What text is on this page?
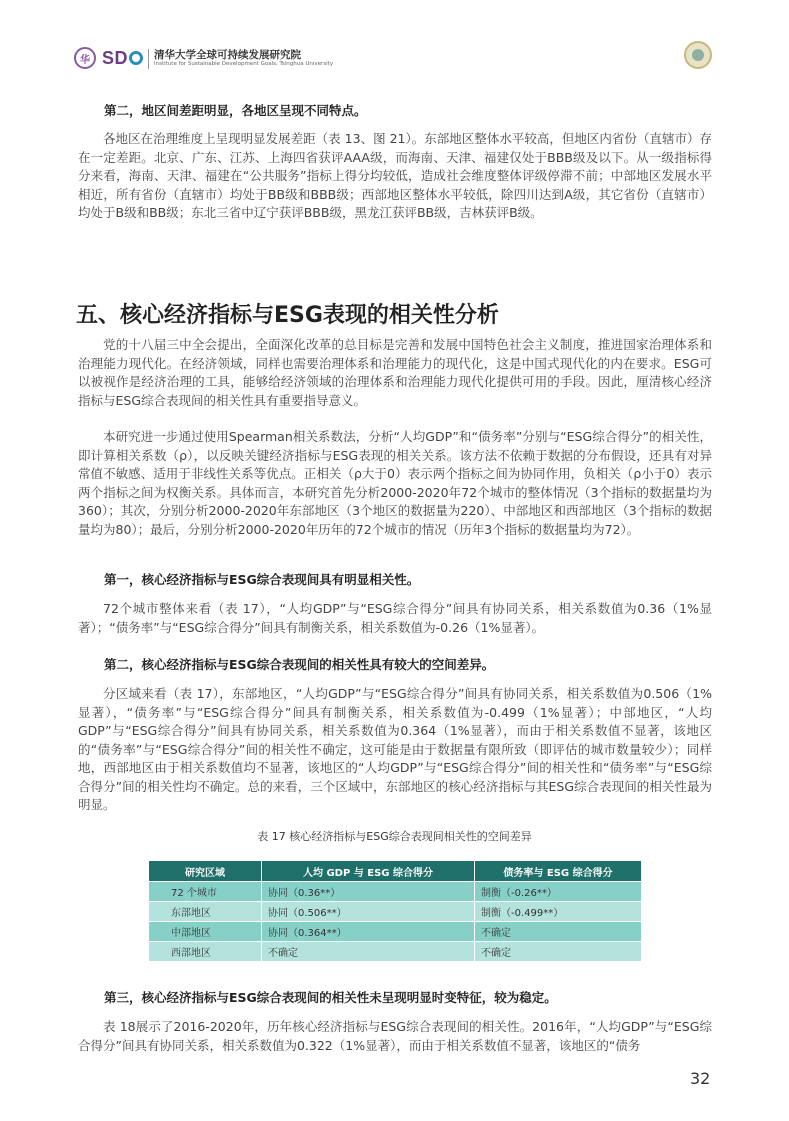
华 SD	清华大学全球可持续发展研究院
Institute for Sustainable Development Goals, Tsinghua University
第二，地区间差距明显，各地区呈现不同特点。
各地区在治理维度上呈现明显发展差距（表 13、图 21）。东部地区整体水平较高，但地区内省份（直辖市）存在一定差距。北京、广东、江苏、上海四省获评AAA级，而海南、天津、福建仅处于BBB级及以下。从一级指标得分来看，海南、天津、福建在“公共服务”指标上得分均较低，造成社会维度整体评级停滞不前；中部地区发展水平相近，所有省份（直辖市）均处于BB级和BBB级；西部地区整体水平较低，除四川达到A级，其它省份（直辖市）均处于B级和BB级；东北三省中辽宁获评BBB级，黑龙江获评BB级，吉林获评B级。
五、核心经济指标与ESG表现的相关性分析
党的十八届三中全会提出，全面深化改革的总目标是完善和发展中国特色社会主义制度，推进国家治理体系和治理能力现代化。在经济领域，同样也需要治理体系和治理能力的现代化，这是中国式现代化的内在要求。ESG可以被视作是经济治理的工具，能够给经济领域的治理体系和治理能力现代化提供可用的手段。因此，厘清核心经济指标与ESG综合表现间的相关性具有重要指导意义。
本研究进一步通过使用Spearman相关系数法，分析“人均GDP”和“债务率”分别与“ESG综合得分”的相关性，即计算相关系数（ρ），以反映关键经济指标与ESG表现的相关关系。该方法不依赖于数据的分布假设，还具有对异常值不敏感、适用于非线性关系等优点。正相关（ρ大于0）表示两个指标之间为协同作用，负相关（ρ小于0）表示两个指标之间为权衡关系。具体而言，本研究首先分析2000-2020年72个城市的整体情况（3个指标的数据量均为360）；其次，分别分析2000-2020年东部地区（3个地区的数据量为220）、中部地区和西部地区（3个指标的数据量均为80）；最后，分别分析2000-2020年历年的72个城市的情况（历年3个指标的数据量均为72）。
第一，核心经济指标与ESG综合表现间具有明显相关性。
72个城市整体来看（表 17），“人均GDP”与“ESG综合得分”间具有协同关系，相关系数值为0.36（1%显著）；“债务率”与“ESG综合得分”间具有制衡关系，相关系数值为-0.26（1%显著）。
第二，核心经济指标与ESG综合表现间的相关性具有较大的空间差异。
分区域来看（表 17），东部地区，“人均GDP”与“ESG综合得分”间具有协同关系，相关系数值为0.506（1%显著），“债务率”与“ESG综合得分”间具有制衡关系，相关系数值为-0.499（1%显著）；中部地区，“人均GDP”与“ESG综合得分”间具有协同关系，相关系数值为0.364（1%显著），而由于相关系数值不显著，该地区的“债务率”与“ESG综合得分”间的相关性不确定，这可能是由于数据量有限所致（即评估的城市数量较少）；同样地，西部地区由于相关系数值均不显著，该地区的“人均GDP”与“ESG综合得分”间的相关性和“债务率”与“ESG综合得分”间的相关性均不确定。总的来看，三个区域中，东部地区的核心经济指标与其ESG综合表现间的相关性最为明显。
表 17 核心经济指标与ESG综合表现间相关性的空间差异
研究区域	人均 GDP 与 ESG 综合得分	债务率与 ESG 综合得分
72 个城市	协同（0.36**）	制衡（-0.26**）
东部地区	协同（0.506**）	制衡（-0.499**）
中部地区	协同（0.364**）	不确定
西部地区	不确定	不确定
第三，核心经济指标与ESG综合表现间的相关性未呈现明显时变特征，较为稳定。
表 18展示了2016-2020年，历年核心经济指标与ESG综合表现间的相关性。2016年，“人均GDP”与“ESG综合得分”间具有协同关系，相关系数值为0.322（1%显著），而由于相关系数值不显著，该地区的“债务
32
